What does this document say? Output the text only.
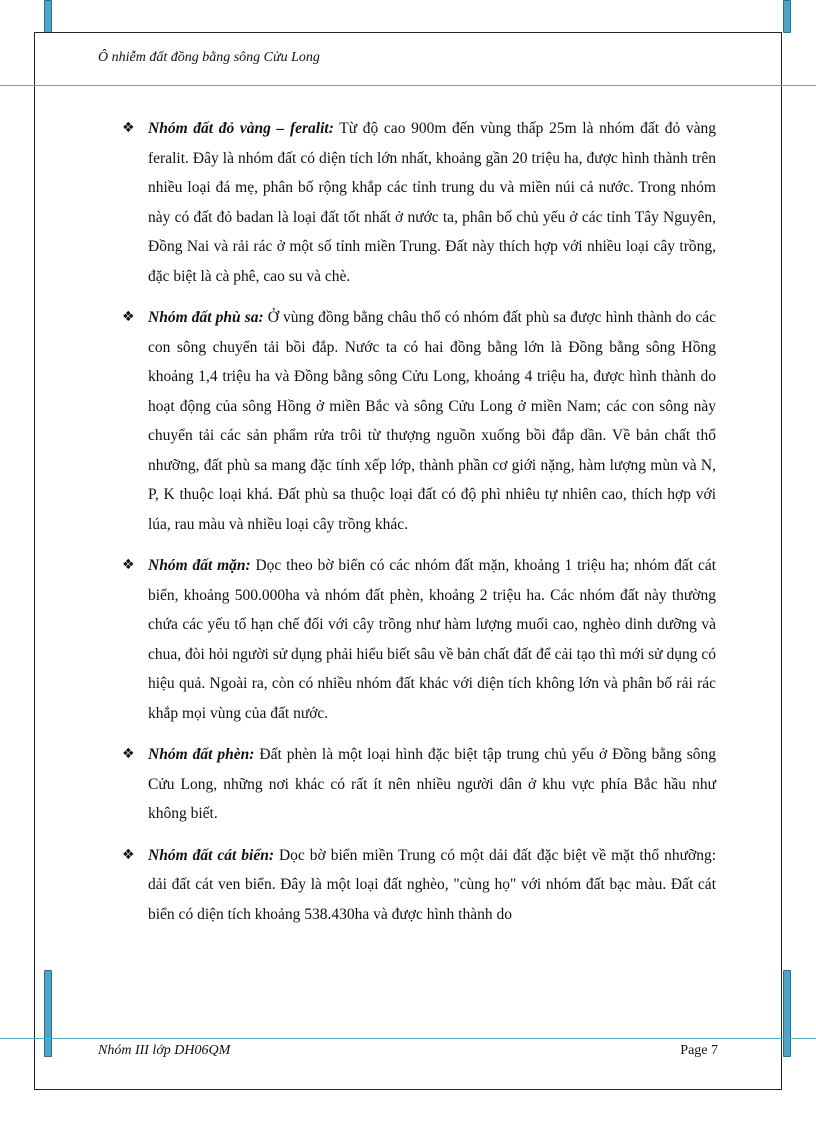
Ô nhiễm đất đồng bằng sông Cửu Long
❖ Nhóm đất đỏ vàng – feralit: Từ độ cao 900m đến vùng thấp 25m là nhóm đất đỏ vàng feralit. Đây là nhóm đất có diện tích lớn nhất, khoảng gần 20 triệu ha, được hình thành trên nhiều loại đá mẹ, phân bố rộng khắp các tỉnh trung du và miền núi cả nước. Trong nhóm này có đất đỏ badan là loại đất tốt nhất ở nước ta, phân bố chủ yếu ở các tỉnh Tây Nguyên, Đồng Nai và rải rác ở một số tỉnh miền Trung. Đất này thích hợp với nhiều loại cây trồng, đặc biệt là cà phê, cao su và chè.
❖ Nhóm đất phù sa: Ở vùng đồng bằng châu thổ có nhóm đất phù sa được hình thành do các con sông chuyển tải bồi đắp. Nước ta có hai đồng bằng lớn là Đồng bằng sông Hồng khoảng 1,4 triệu ha và Đồng bằng sông Cửu Long, khoảng 4 triệu ha, được hình thành do hoạt động của sông Hồng ở miền Bắc và sông Cửu Long ở miền Nam; các con sông này chuyển tải các sản phẩm rửa trôi từ thượng nguồn xuống bồi đắp dần. Về bản chất thổ nhưỡng, đất phù sa mang đặc tính xếp lớp, thành phần cơ giới nặng, hàm lượng mùn và N, P, K thuộc loại khá. Đất phù sa thuộc loại đất có độ phì nhiêu tự nhiên cao, thích hợp với lúa, rau màu và nhiều loại cây trồng khác.
❖ Nhóm đất mặn: Dọc theo bờ biển có các nhóm đất mặn, khoảng 1 triệu ha; nhóm đất cát biển, khoảng 500.000ha và nhóm đất phèn, khoảng 2 triệu ha. Các nhóm đất này thường chứa các yếu tố hạn chế đối với cây trồng như hàm lượng muối cao, nghèo dinh dưỡng và chua, đòi hỏi người sử dụng phải hiểu biết sâu về bản chất đất để cải tạo thì mới sử dụng có hiệu quả. Ngoài ra, còn có nhiều nhóm đất khác với diện tích không lớn và phân bố rải rác khắp mọi vùng của đất nước.
❖ Nhóm đất phèn: Đất phèn là một loại hình đặc biệt tập trung chủ yếu ở Đồng bằng sông Cửu Long, những nơi khác có rất ít nên nhiều người dân ở khu vực phía Bắc hầu như không biết.
❖ Nhóm đất cát biển: Dọc bờ biển miền Trung có một dải đất đặc biệt về mặt thổ nhưỡng: dải đất cát ven biển. Đây là một loại đất nghèo, "cùng họ" với nhóm đất bạc màu. Đất cát biển có diện tích khoảng 538.430ha và được hình thành do
Nhóm III lớp DH06QM	Page 7
